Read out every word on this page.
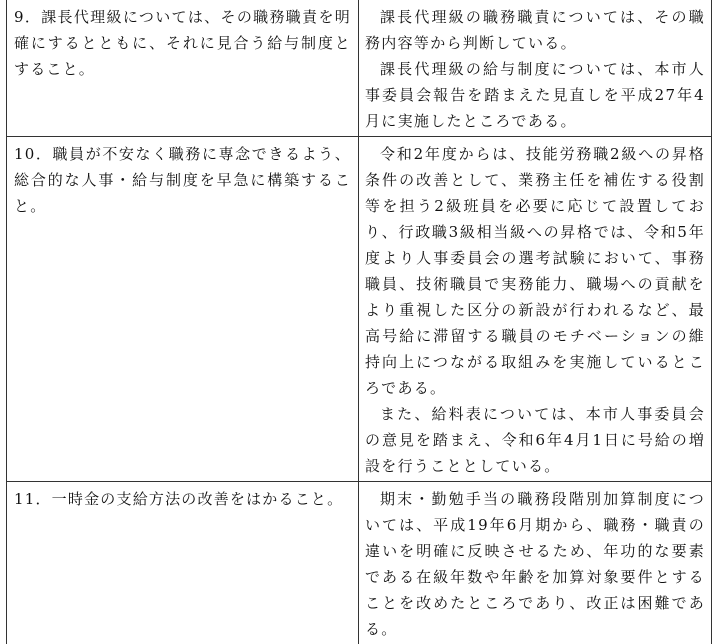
9．課長代理級については、その職務職責を明確にするとともに、それに見合う給与制度とすること。	課長代理級の職務職責については、その職務内容等から判断している。

課長代理級の給与制度については、本市人事委員会報告を踏まえた見直しを平成27年4月に実施したところである。

10．職員が不安なく職務に専念できるよう、総合的な人事・給与制度を早急に構築すること。	令和2年度からは、技能労務職2級への昇格条件の改善として、業務主任を補佐する役割等を担う2級班員を必要に応じて設置しており、行政職3級相当級への昇格では、令和5年度より人事委員会の選考試験において、事務職員、技術職員で実務能力、職場への貢献をより重視した区分の新設が行われるなど、最高号給に滞留する職員のモチベーションの維持向上につながる取組みを実施しているところである。

また、給料表については、本市人事委員会の意見を踏まえ、令和6年4月1日に号給の増設を行うこととしている。

11．一時金の支給方法の改善をはかること。	期末・勤勉手当の職務段階別加算制度については、平成19年6月期から、職務・職責の違いを明確に反映させるため、年功的な要素である在級年数や年齢を加算対象要件とすることを改めたところであり、改正は困難である。
